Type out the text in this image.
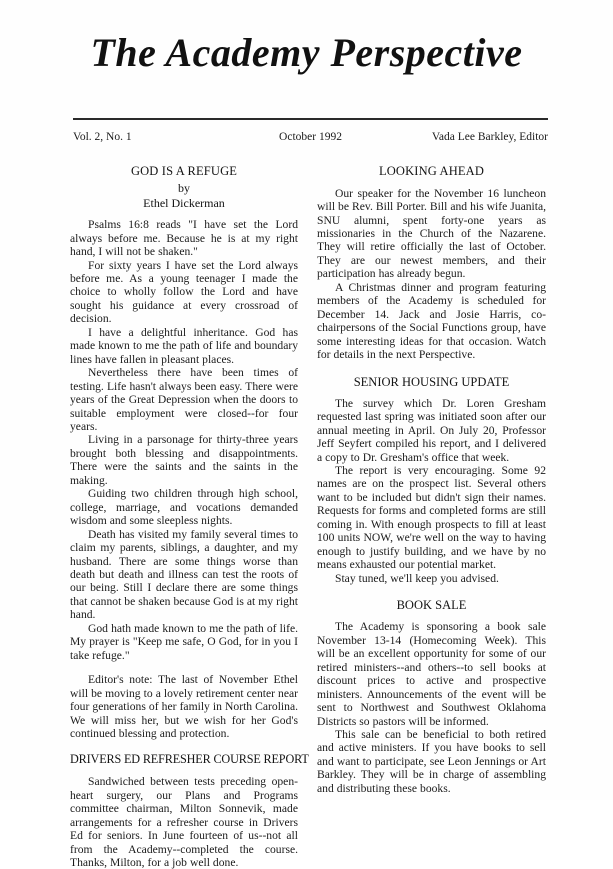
The Academy Perspective
Vol. 2, No. 1	October 1992	Vada Lee Barkley, Editor
GOD IS A REFUGE
by
Ethel Dickerman

Psalms 16:8 reads "I have set the Lord always before me. Because he is at my right hand, I will not be shaken."

For sixty years I have set the Lord always before me. As a young teenager I made the choice to wholly follow the Lord and have sought his guidance at every crossroad of decision.

I have a delightful inheritance. God has made known to me the path of life and boundary lines have fallen in pleasant places.

Nevertheless there have been times of testing. Life hasn't always been easy. There were years of the Great Depression when the doors to suitable employment were closed--for four years.

Living in a parsonage for thirty-three years brought both blessing and disappointments. There were the saints and the saints in the making.

Guiding two children through high school, college, marriage, and vocations demanded wisdom and some sleepless nights.

Death has visited my family several times to claim my parents, siblings, a daughter, and my husband. There are some things worse than death but death and illness can test the roots of our being. Still I declare there are some things that cannot be shaken because God is at my right hand.

God hath made known to me the path of life. My prayer is "Keep me safe, O God, for in you I take refuge."

Editor's note: The last of November Ethel will be moving to a lovely retirement center near four generations of her family in North Carolina. We will miss her, but we wish for her God's continued blessing and protection.

DRIVERS ED REFRESHER COURSE REPORT

Sandwiched between tests preceding open-heart surgery, our Plans and Programs committee chairman, Milton Sonnevik, made arrangements for a refresher course in Drivers Ed for seniors. In June fourteen of us--not all from the Academy--completed the course. Thanks, Milton, for a job well done.

LOOKING AHEAD

Our speaker for the November 16 luncheon will be Rev. Bill Porter. Bill and his wife Juanita, SNU alumni, spent forty-one years as missionaries in the Church of the Nazarene. They will retire officially the last of October. They are our newest members, and their participation has already begun.

A Christmas dinner and program featuring members of the Academy is scheduled for December 14. Jack and Josie Harris, co-chairpersons of the Social Functions group, have some interesting ideas for that occasion. Watch for details in the next Perspective.

SENIOR HOUSING UPDATE

The survey which Dr. Loren Gresham requested last spring was initiated soon after our annual meeting in April. On July 20, Professor Jeff Seyfert compiled his report, and I delivered a copy to Dr. Gresham's office that week.

The report is very encouraging. Some 92 names are on the prospect list. Several others want to be included but didn't sign their names. Requests for forms and completed forms are still coming in. With enough prospects to fill at least 100 units NOW, we're well on the way to having enough to justify building, and we have by no means exhausted our potential market.

Stay tuned, we'll keep you advised.

BOOK SALE

The Academy is sponsoring a book sale November 13-14 (Homecoming Week). This will be an excellent opportunity for some of our retired ministers--and others--to sell books at discount prices to active and prospective ministers. Announcements of the event will be sent to Northwest and Southwest Oklahoma Districts so pastors will be informed.

This sale can be beneficial to both retired and active ministers. If you have books to sell and want to participate, see Leon Jennings or Art Barkley. They will be in charge of assembling and distributing these books.
